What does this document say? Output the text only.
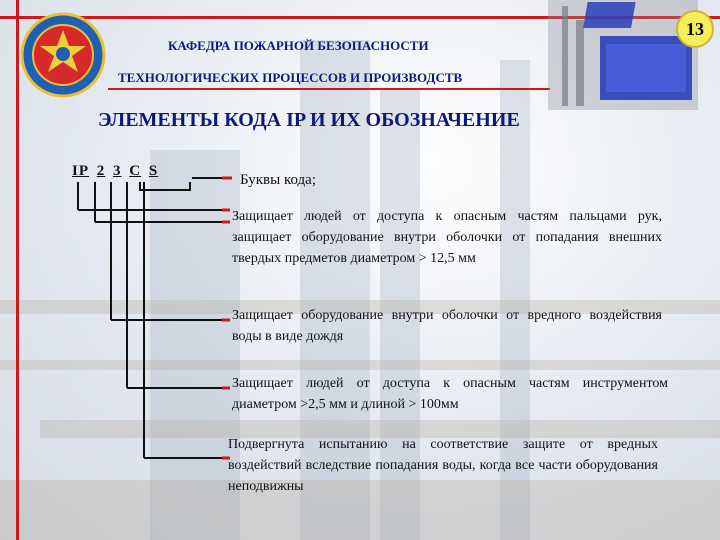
КАФЕДРА ПОЖАРНОЙ БЕЗОПАСНОСТИ
ТЕХНОЛОГИЧЕСКИХ ПРОЦЕССОВ И ПРОИЗВОДСТВ
13
ЭЛЕМЕНТЫ КОДА IP И ИХ ОБОЗНАЧЕНИЕ
IP 2 3 C S
Буквы кода;
Защищает людей от доступа к опасным частям пальцами рук, защищает оборудование внутри оболочки от попадания внешних твердых предметов диаметром > 12,5 мм
Защищает оборудование внутри оболочки от вредного воздействия воды в виде дождя
Защищает людей от доступа к опасным частям инструментом диаметром >2,5 мм и длиной > 100мм
Подвергнута испытанию на соответствие защите от вредных воздействий вследствие попадания воды, когда все части оборудования неподвижны
